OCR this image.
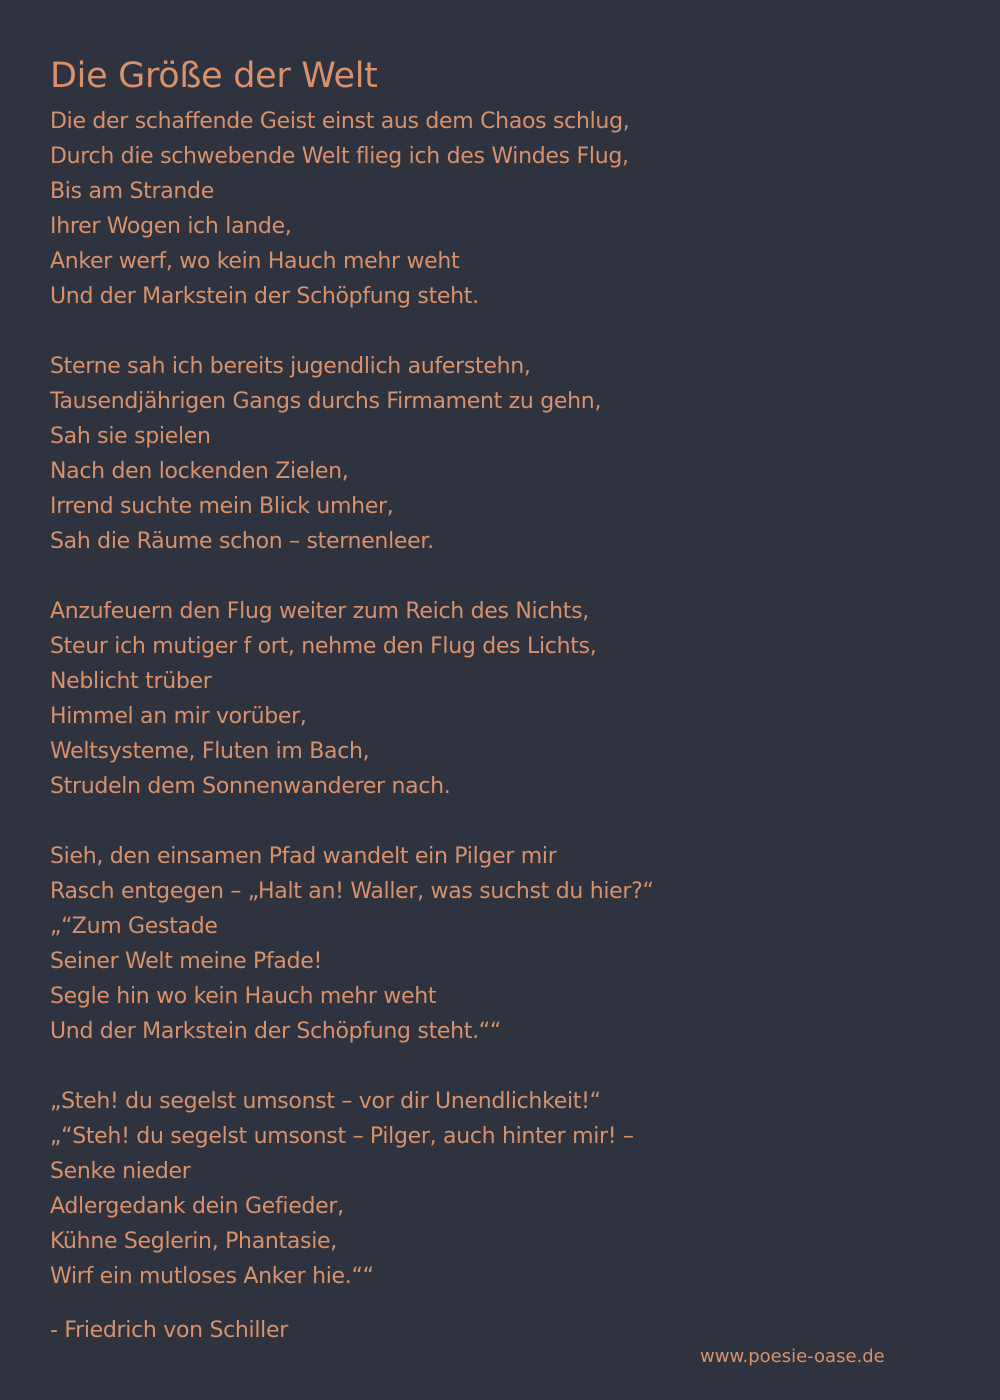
Die Größe der Welt
Die der schaffende Geist einst aus dem Chaos schlug,
Durch die schwebende Welt flieg ich des Windes Flug,
Bis am Strande
Ihrer Wogen ich lande,
Anker werf, wo kein Hauch mehr weht
Und der Markstein der Schöpfung steht.
Sterne sah ich bereits jugendlich auferstehn,
Tausendjährigen Gangs durchs Firmament zu gehn,
Sah sie spielen
Nach den lockenden Zielen,
Irrend suchte mein Blick umher,
Sah die Räume schon – sternenleer.
Anzufeuern den Flug weiter zum Reich des Nichts,
Steur ich mutiger f ort, nehme den Flug des Lichts,
Neblicht trüber
Himmel an mir vorüber,
Weltsysteme, Fluten im Bach,
Strudeln dem Sonnenwanderer nach.
Sieh, den einsamen Pfad wandelt ein Pilger mir
Rasch entgegen – „Halt an! Waller, was suchst du hier?“
„“Zum Gestade
Seiner Welt meine Pfade!
Segle hin wo kein Hauch mehr weht
Und der Markstein der Schöpfung steht.““
„Steh! du segelst umsonst – vor dir Unendlichkeit!“
„“Steh! du segelst umsonst – Pilger, auch hinter mir! –
Senke nieder
Adlergedank dein Gefieder,
Kühne Seglerin, Phantasie,
Wirf ein mutloses Anker hie.““
- Friedrich von Schiller
www.poesie-oase.de
